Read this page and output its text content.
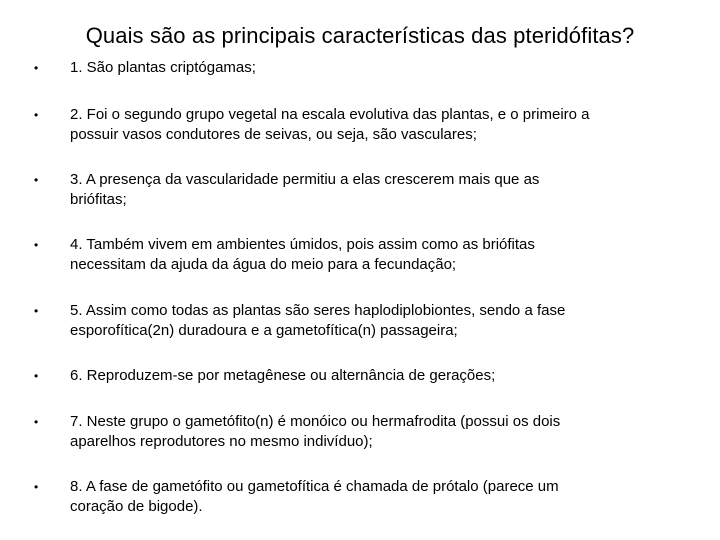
Quais são as principais características das pteridófitas?
• 1. São plantas criptógamas;
• 2. Foi o segundo grupo vegetal na escala evolutiva das plantas, e o primeiro a
possuir vasos condutores de seivas, ou seja, são vasculares;
• 3. A presença da vascularidade permitiu a elas crescerem mais que as
briófitas;
• 4. Também vivem em ambientes úmidos, pois assim como as briófitas
necessitam da ajuda da água do meio para a fecundação;
• 5. Assim como todas as plantas são seres haplodiplobiontes, sendo a fase
esporofítica(2n) duradoura e a gametofítica(n) passageira;
• 6. Reproduzem-se por metagênese ou alternância de gerações;
• 7. Neste grupo o gametófito(n) é monóico ou hermafrodita (possui os dois
aparelhos reprodutores no mesmo indivíduo);
• 8. A fase de gametófito ou gametofítica é chamada de prótalo (parece um
coração de bigode).
